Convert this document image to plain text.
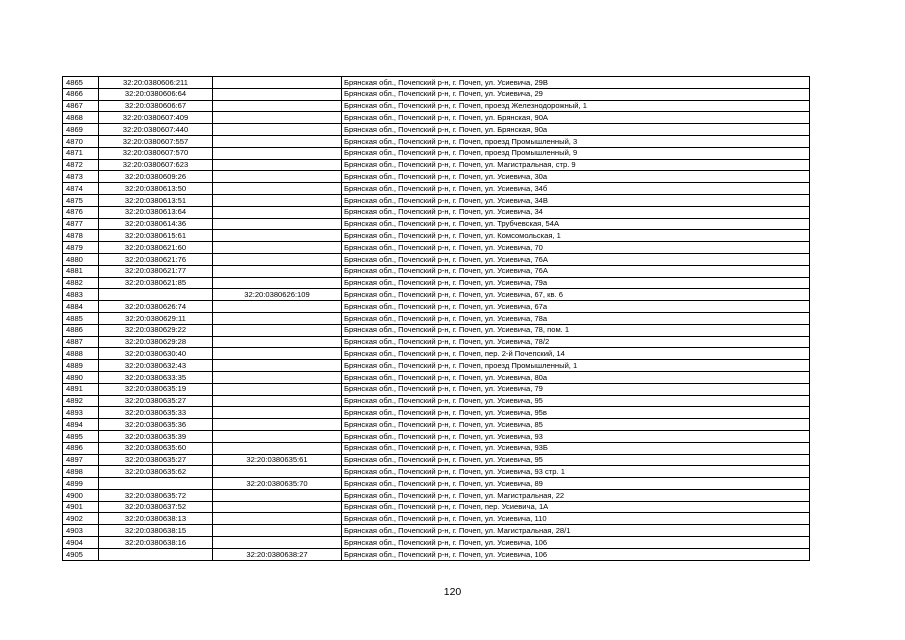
4865	32:20:0380606:211		Брянская обл., Почепский р-н, г. Почеп, ул. Усиевича, 29В
4866	32:20:0380606:64		Брянская обл., Почепский р-н, г. Почеп, ул. Усиевича, 29
4867	32:20:0380606:67		Брянская обл., Почепский р-н, г. Почеп, проезд Железнодорожный, 1
4868	32:20:0380607:409		Брянская обл., Почепский р-н, г. Почеп, ул. Брянская, 90А
4869	32:20:0380607:440		Брянская обл., Почепский р-н, г. Почеп, ул. Брянская, 90а
4870	32:20:0380607:557		Брянская обл., Почепский р-н, г. Почеп, проезд Промышленный, 3
4871	32:20:0380607:570		Брянская обл., Почепский р-н, г. Почеп, проезд Промышленный, 9
4872	32:20:0380607:623		Брянская обл., Почепский р-н, г. Почеп, ул. Магистральная, стр. 9
4873	32:20:0380609:26		Брянская обл., Почепский р-н, г. Почеп, ул. Усиевича, 30а
4874	32:20:0380613:50		Брянская обл., Почепский р-н, г. Почеп, ул. Усиевича, 34б
4875	32:20:0380613:51		Брянская обл., Почепский р-н, г. Почеп, ул. Усиевича, 34В
4876	32:20:0380613:64		Брянская обл., Почепский р-н, г. Почеп, ул. Усиевича, 34
4877	32:20:0380614:36		Брянская обл., Почепский р-н, г. Почеп, ул. Трубчевская, 54А
4878	32:20:0380615:61		Брянская обл., Почепский р-н, г. Почеп, ул. Комсомольская, 1
4879	32:20:0380621:60		Брянская обл., Почепский р-н, г. Почеп, ул. Усиевича, 70
4880	32:20:0380621:76		Брянская обл., Почепский р-н, г. Почеп, ул. Усиевича, 76А
4881	32:20:0380621:77		Брянская обл., Почепский р-н, г. Почеп, ул. Усиевича, 76А
4882	32:20:0380621:85		Брянская обл., Почепский р-н, г. Почеп, ул. Усиевича, 79а
4883		32:20:0380626:109	Брянская обл., Почепский р-н, г. Почеп, ул. Усиевича, 67, кв. 6
4884	32:20:0380626:74		Брянская обл., Почепский р-н, г. Почеп, ул. Усиевича, 67а
4885	32:20:0380629:11		Брянская обл., Почепский р-н, г. Почеп, ул. Усиевича, 78а
4886	32:20:0380629:22		Брянская обл., Почепский р-н, г. Почеп, ул. Усиевича, 78, пом. 1
4887	32:20:0380629:28		Брянская обл., Почепский р-н, г. Почеп, ул. Усиевича, 78/2
4888	32:20:0380630:40		Брянская обл., Почепский р-н, г. Почеп, пер. 2-й Почепский, 14
4889	32:20:0380632:43		Брянская обл., Почепский р-н, г. Почеп, проезд Промышленный, 1
4890	32:20:0380633:35		Брянская обл., Почепский р-н, г. Почеп, ул. Усиевича, 80а
4891	32:20:0380635:19		Брянская обл., Почепский р-н, г. Почеп, ул. Усиевича, 79
4892	32:20:0380635:27		Брянская обл., Почепский р-н, г. Почеп, ул. Усиевича, 95
4893	32:20:0380635:33		Брянская обл., Почепский р-н, г. Почеп, ул. Усиевича, 95в
4894	32:20:0380635:36		Брянская обл., Почепский р-н, г. Почеп, ул. Усиевича, 85
4895	32:20:0380635:39		Брянская обл., Почепский р-н, г. Почеп, ул. Усиевича, 93
4896	32:20:0380635:60		Брянская обл., Почепский р-н, г. Почеп, ул. Усиевича, 93Б
4897	32:20:0380635:27	32:20:0380635:61	Брянская обл., Почепский р-н, г. Почеп, ул. Усиевича, 95
4898	32:20:0380635:62		Брянская обл., Почепский р-н, г. Почеп, ул. Усиевича, 93 стр. 1
4899		32:20:0380635:70	Брянская обл., Почепский р-н, г. Почеп, ул. Усиевича, 89
4900	32:20:0380635:72		Брянская обл., Почепский р-н, г. Почеп, ул. Магистральная, 22
4901	32:20:0380637:52		Брянская обл., Почепский р-н, г. Почеп, пер. Усиевича, 1А
4902	32:20:0380638:13		Брянская обл., Почепский р-н, г. Почеп, ул. Усиевича, 110
4903	32:20:0380638:15		Брянская обл., Почепский р-н, г. Почеп, ул. Магистральная, 28/1
4904	32:20:0380638:16		Брянская обл., Почепский р-н, г. Почеп, ул. Усиевича, 106
4905		32:20:0380638:27	Брянская обл., Почепский р-н, г. Почеп, ул. Усиевича, 106
120
